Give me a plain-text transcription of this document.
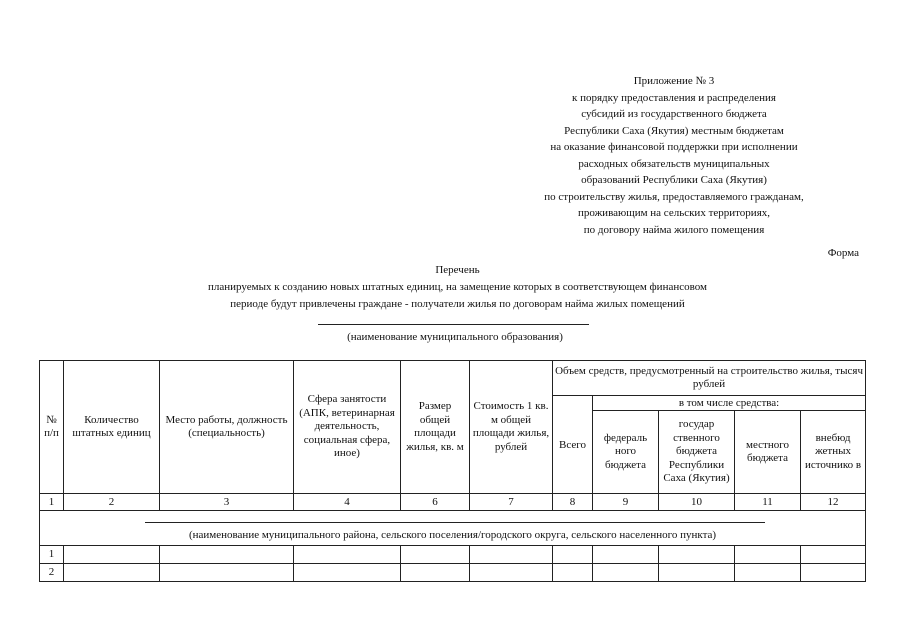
Приложение № 3
к порядку предоставления и распределения
субсидий из государственного бюджета
Республики Саха (Якутия) местным бюджетам
на оказание финансовой поддержки при исполнении
расходных обязательств муниципальных
образований Республики Саха (Якутия)
по строительству жилья, предоставляемого гражданам,
проживающим на сельских территориях,
по договору найма жилого помещения
Форма
Перечень
планируемых к созданию новых штатных единиц, на замещение которых в соответствующем финансовом
периоде будут привлечены граждане - получатели жилья по договорам найма жилых помещений
(наименование муниципального образования)
№ п/п	Количество штатных единиц	Место работы, должность (специальность)	Сфера занятости (АПК, ветеринарная деятельность, социальная сфера, иное)	Размер общей площади жилья, кв. м	Стоимость 1 кв. м общей площади жилья, рублей	Объем средств, предусмотренный на строительство жилья, тысяч рублей				
						Всего	в том числе средства:			
							федераль ного бюджета	государ ственного бюджета Республики Саха (Якутия)	местного бюджета	внебюд жетных источнико в
1	2	3	4	6	7	8	9	10	11	12

(наименование муниципального района, сельского поселения/городского округа, сельского населенного пункта)										

1										
2										
